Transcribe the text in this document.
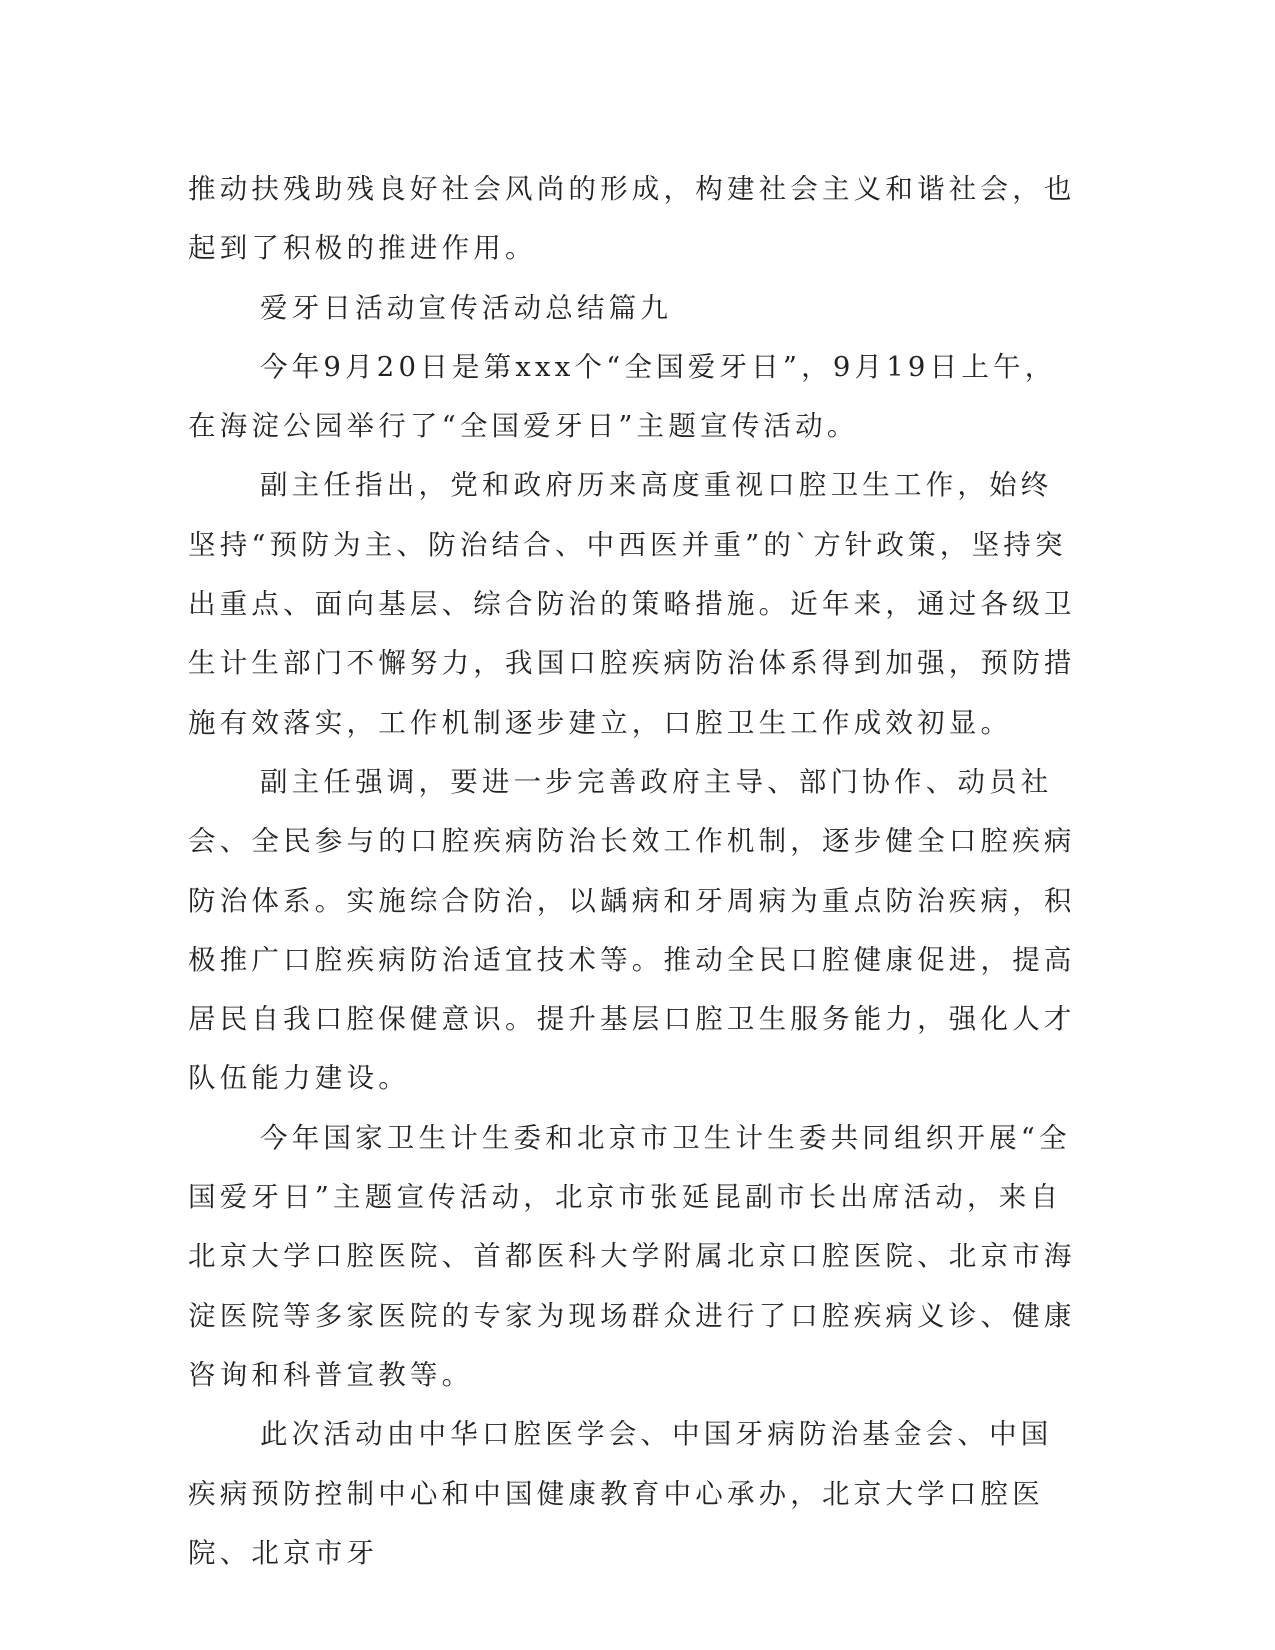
推动扶残助残良好社会风尚的形成，构建社会主义和谐社会，也起到了积极的推进作用。

爱牙日活动宣传活动总结篇九

今年9月20日是第xxx个“全国爱牙日”，9月19日上午，在海淀公园举行了“全国爱牙日”主题宣传活动。

副主任指出，党和政府历来高度重视口腔卫生工作，始终坚持“预防为主、防治结合、中西医并重”的`方针政策，坚持突出重点、面向基层、综合防治的策略措施。近年来，通过各级卫生计生部门不懈努力，我国口腔疾病防治体系得到加强，预防措施有效落实，工作机制逐步建立，口腔卫生工作成效初显。

副主任强调，要进一步完善政府主导、部门协作、动员社会、全民参与的口腔疾病防治长效工作机制，逐步健全口腔疾病防治体系。实施综合防治，以龋病和牙周病为重点防治疾病，积极推广口腔疾病防治适宜技术等。推动全民口腔健康促进，提高居民自我口腔保健意识。提升基层口腔卫生服务能力，强化人才队伍能力建设。

今年国家卫生计生委和北京市卫生计生委共同组织开展“全国爱牙日”主题宣传活动，北京市张延昆副市长出席活动，来自北京大学口腔医院、首都医科大学附属北京口腔医院、北京市海淀医院等多家医院的专家为现场群众进行了口腔疾病义诊、健康咨询和科普宣教等。

此次活动由中华口腔医学会、中国牙病防治基金会、中国疾病预防控制中心和中国健康教育中心承办，北京大学口腔医院、北京市牙
